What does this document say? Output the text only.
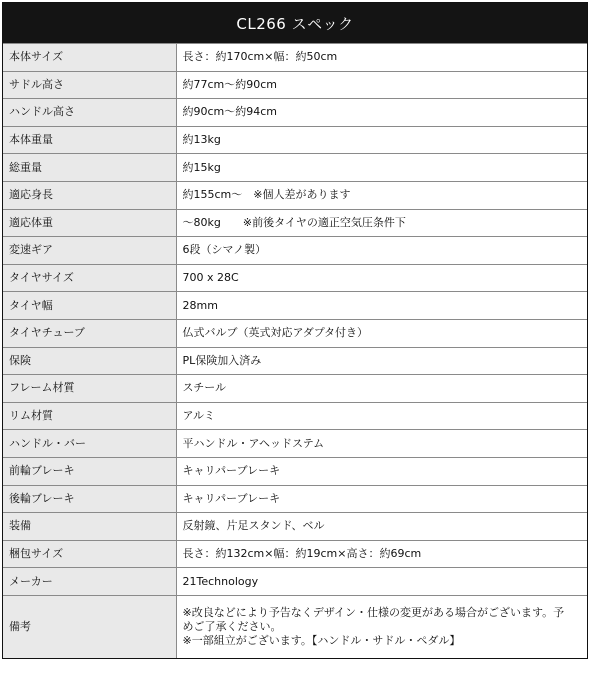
CL266 スペック
本体サイズ	長さ：約170cm×幅：約50cm
サドル高さ	約77cm〜約90cm
ハンドル高さ	約90cm〜約94cm
本体重量	約13kg
総重量	約15kg
適応身長	約155cm〜　※個人差があります
適応体重	〜80kg　　※前後タイヤの適正空気圧条件下
変速ギア	6段（シマノ製）
タイヤサイズ	700 x 28C
タイヤ幅	28mm
タイヤチューブ	仏式バルブ（英式対応アダプタ付き）
保険	PL保険加入済み
フレーム材質	スチール
リム材質	アルミ
ハンドル・バー	平ハンドル・アヘッドステム
前輪ブレーキ	キャリパーブレーキ
後輪ブレーキ	キャリパーブレーキ
装備	反射鏡、片足スタンド、ベル
梱包サイズ	長さ：約132cm×幅：約19cm×高さ：約69cm
メーカー	21Technology
備考	※改良などにより予告なくデザイン・仕様の変更がある場合がございます。予
めご了承ください。
※一部組立がございます。【ハンドル・サドル・ペダル】
